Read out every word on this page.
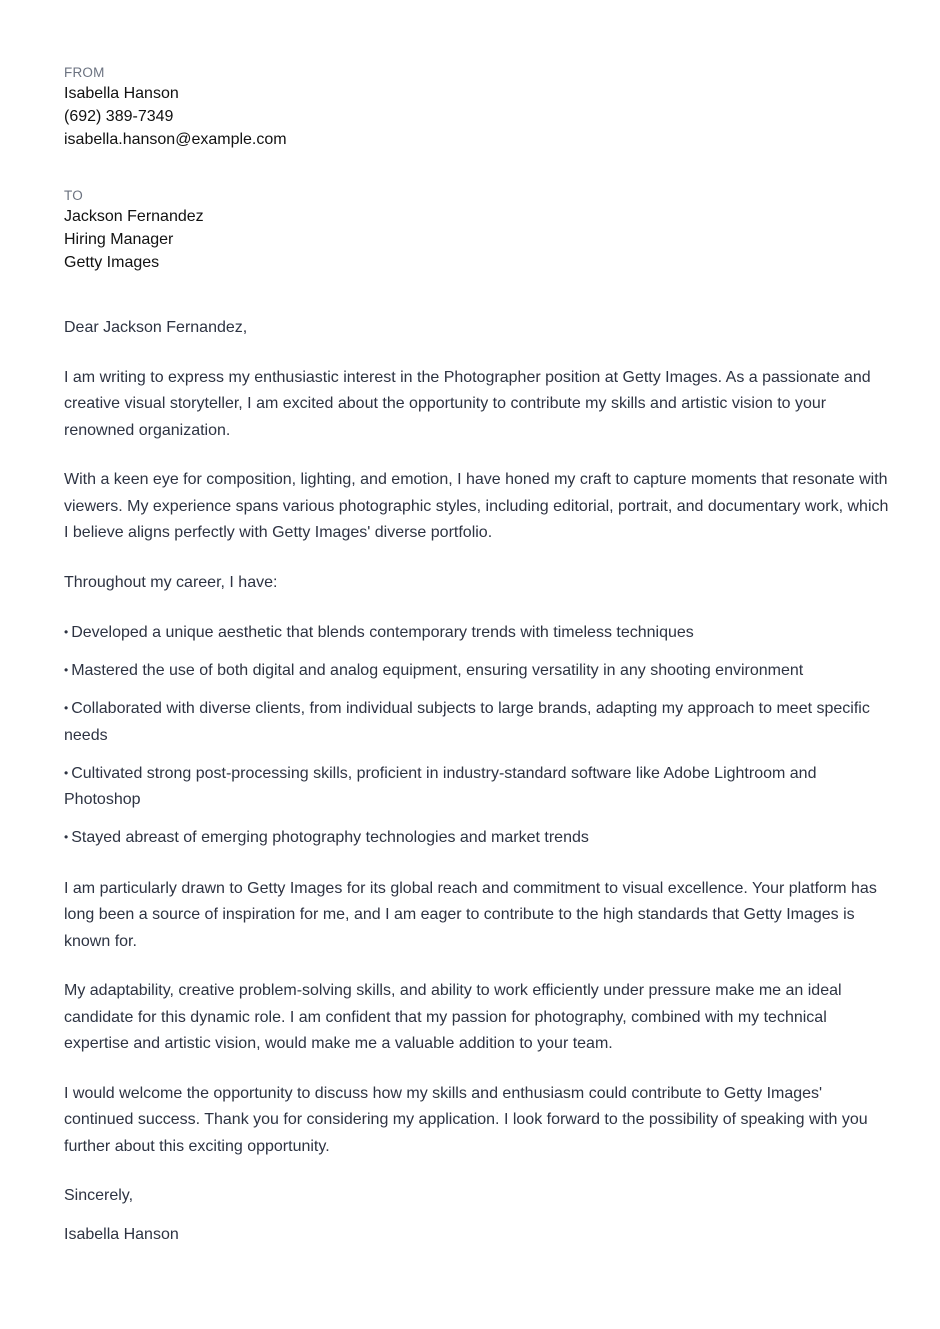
FROM
Isabella Hanson
(692) 389-7349
isabella.hanson@example.com
TO
Jackson Fernandez
Hiring Manager
Getty Images
Dear Jackson Fernandez,
I am writing to express my enthusiastic interest in the Photographer position at Getty Images. As a passionate and creative visual storyteller, I am excited about the opportunity to contribute my skills and artistic vision to your renowned organization.
With a keen eye for composition, lighting, and emotion, I have honed my craft to capture moments that resonate with viewers. My experience spans various photographic styles, including editorial, portrait, and documentary work, which I believe aligns perfectly with Getty Images' diverse portfolio.
Throughout my career, I have:
• Developed a unique aesthetic that blends contemporary trends with timeless techniques
• Mastered the use of both digital and analog equipment, ensuring versatility in any shooting environment
• Collaborated with diverse clients, from individual subjects to large brands, adapting my approach to meet specific needs
• Cultivated strong post-processing skills, proficient in industry-standard software like Adobe Lightroom and Photoshop
• Stayed abreast of emerging photography technologies and market trends
I am particularly drawn to Getty Images for its global reach and commitment to visual excellence. Your platform has long been a source of inspiration for me, and I am eager to contribute to the high standards that Getty Images is known for.
My adaptability, creative problem-solving skills, and ability to work efficiently under pressure make me an ideal candidate for this dynamic role. I am confident that my passion for photography, combined with my technical expertise and artistic vision, would make me a valuable addition to your team.
I would welcome the opportunity to discuss how my skills and enthusiasm could contribute to Getty Images' continued success. Thank you for considering my application. I look forward to the possibility of speaking with you further about this exciting opportunity.
Sincerely,
Isabella Hanson
